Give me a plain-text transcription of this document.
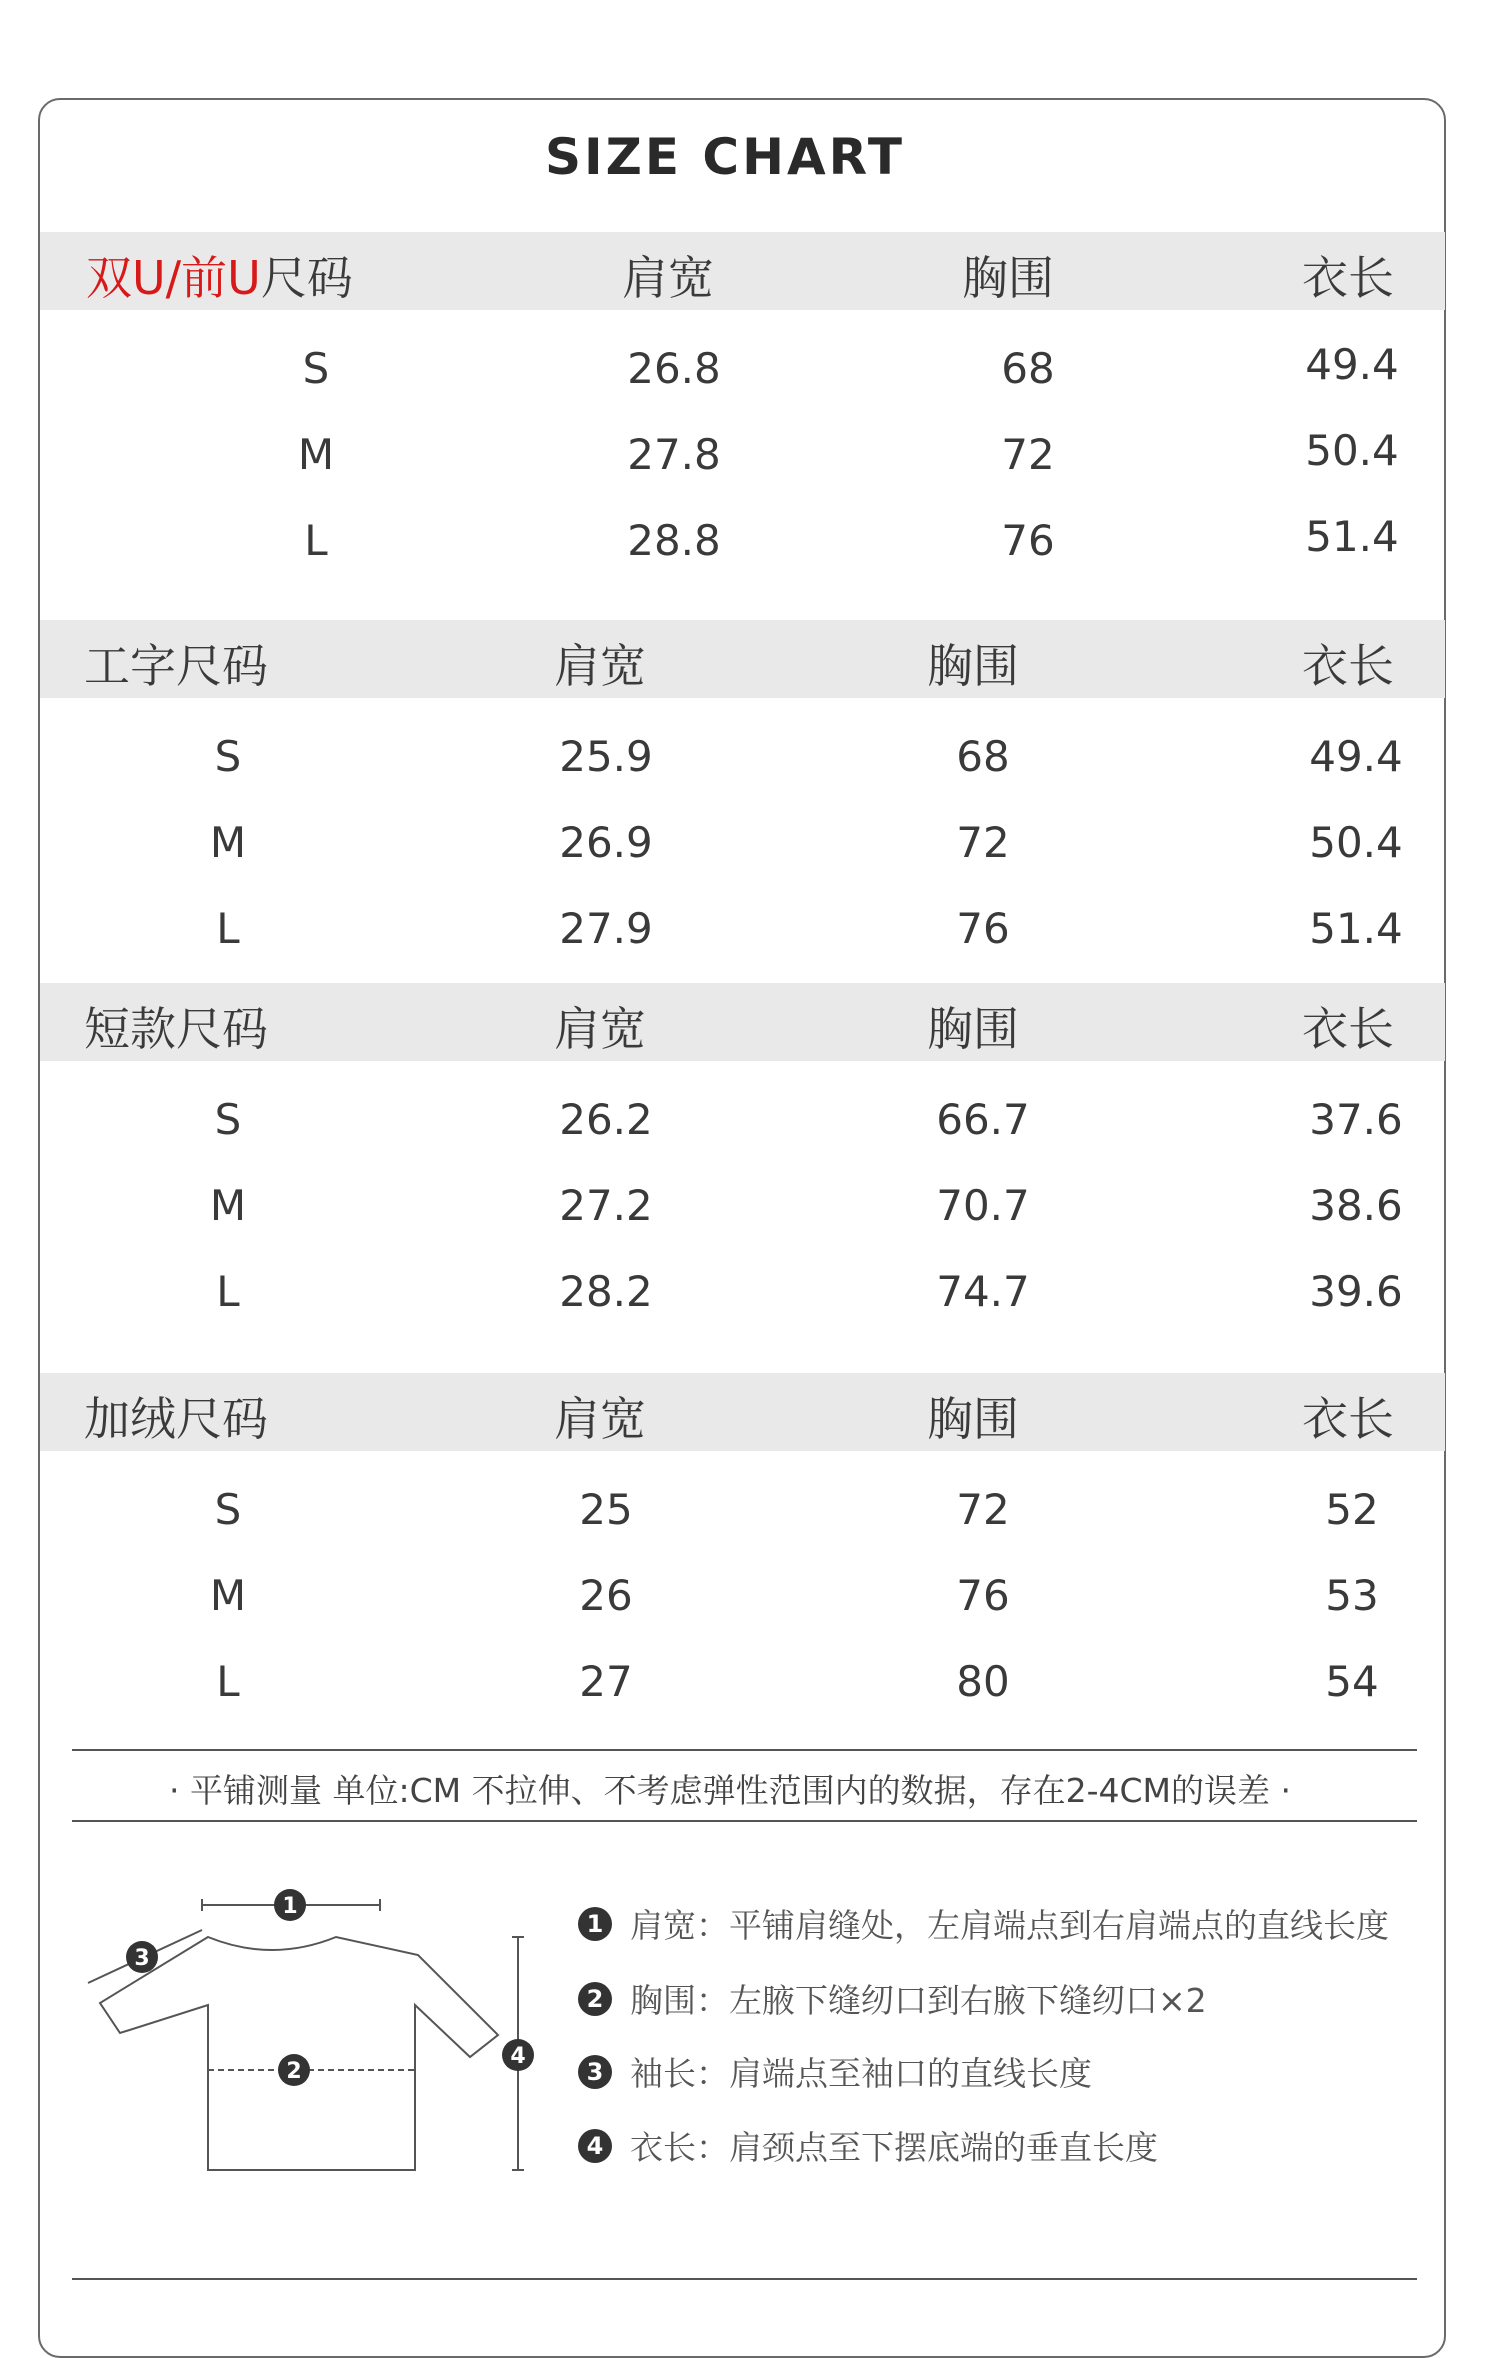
SIZE CHART
双U/前U尺码	肩宽	胸围	衣长
S	26.8	68	49.4
M	27.8	72	50.4
L	28.8	76	51.4
工字尺码	肩宽	胸围	衣长
S	25.9	68	49.4
M	26.9	72	50.4
L	27.9	76	51.4
短款尺码	肩宽	胸围	衣长
S	26.2	66.7	37.6
M	27.2	70.7	38.6
L	28.2	74.7	39.6
加绒尺码	肩宽	胸围	衣长
S	25	72	52
M	26	76	53
L	27	80	54
· 平铺测量 单位:CM 不拉伸、不考虑弹性范围内的数据，存在2-4CM的误差 ·
1
2
3
4
1 肩宽：平铺肩缝处，左肩端点到右肩端点的直线长度
2 胸围：左腋下缝纫口到右腋下缝纫口×2
3 袖长：肩端点至袖口的直线长度
4 衣长：肩颈点至下摆底端的垂直长度
